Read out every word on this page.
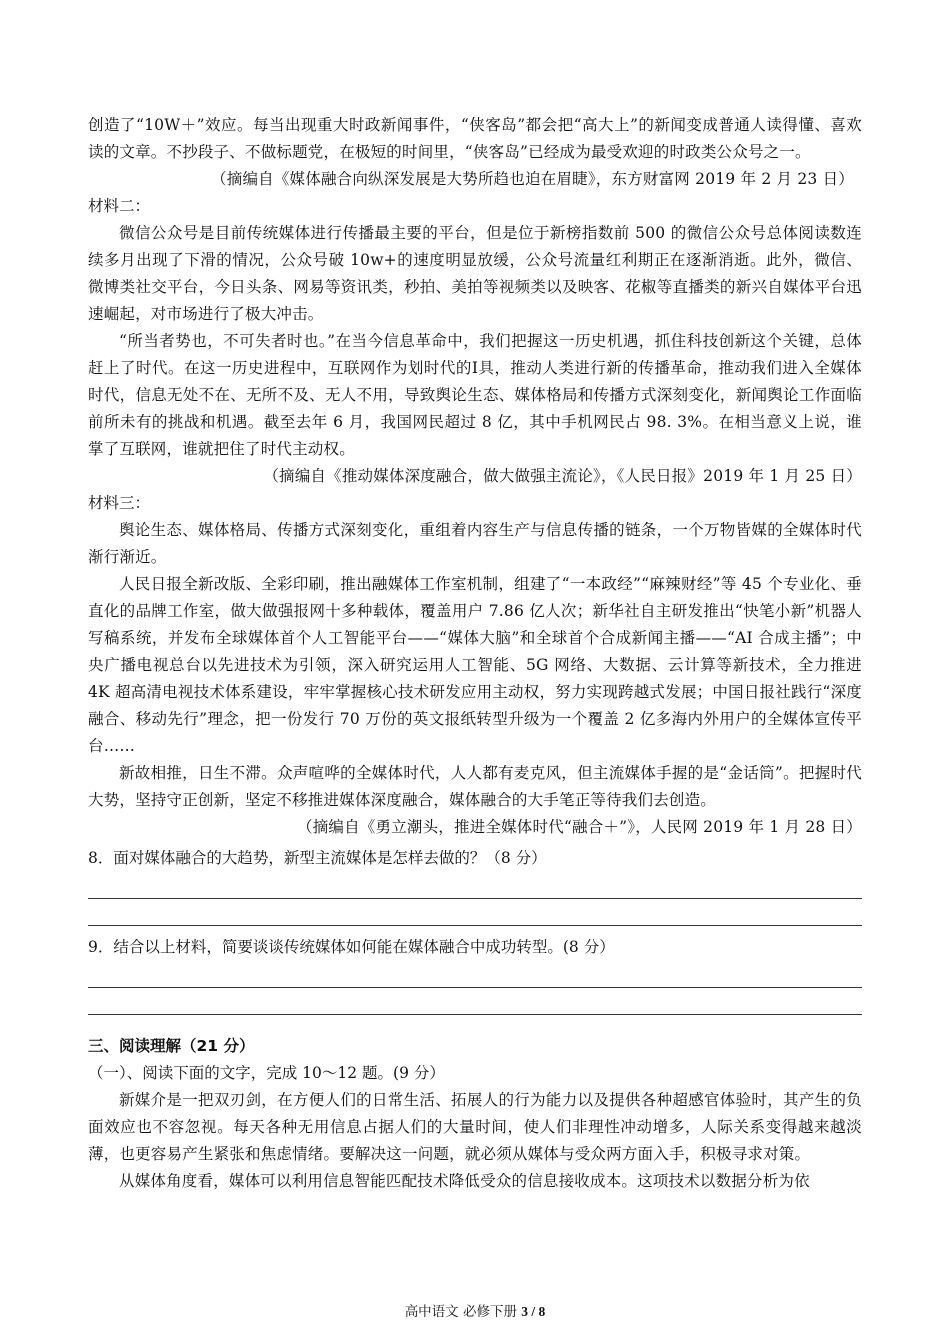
创造了“10W＋”效应。每当出现重大时政新闻事件，“侠客岛”都会把“高大上”的新闻变成普通人读得懂、喜欢读的文章。不抄段子、不做标题党，在极短的时间里，“侠客岛”已经成为最受欢迎的时政类公众号之一。

（摘编自《媒体融合向纵深发展是大势所趋也迫在眉睫》，东方财富网 2019 年 2 月 23 日）

材料二：

微信公众号是目前传统媒体进行传播最主要的平台，但是位于新榜指数前 500 的微信公众号总体阅读数连续多月出现了下滑的情况，公众号破 10w+的速度明显放缓，公众号流量红利期正在逐渐消逝。此外，微信、微博类社交平台，今日头条、网易等资讯类，秒拍、美拍等视频类以及映客、花椒等直播类的新兴自媒体平台迅速崛起，对市场进行了极大冲击。

“所当者势也，不可失者时也。”在当今信息革命中，我们把握这一历史机遇，抓住科技创新这个关键，总体赶上了时代。在这一历史进程中，互联网作为划时代的I具，推动人类进行新的传播革命，推动我们进入全媒体时代，信息无处不在、无所不及、无人不用，导致舆论生态、媒体格局和传播方式深刻变化，新闻舆论工作面临前所未有的挑战和机遇。截至去年 6 月，我国网民超过 8 亿，其中手机网民占 98. 3%。在相当意义上说，谁掌了互联网，谁就把住了时代主动权。

（摘编自《推动媒体深度融合，做大做强主流论》，《人民日报》2019 年 1 月 25 日）

材料三：

舆论生态、媒体格局、传播方式深刻变化，重组着内容生产与信息传播的链条，一个万物皆媒的全媒体时代渐行渐近。

人民日报全新改版、全彩印刷，推出融媒体工作室机制，组建了“一本政经”“麻辣财经”等 45 个专业化、垂直化的品牌工作室，做大做强报网十多种载体，覆盖用户 7.86 亿人次；新华社自主研发推出“快笔小新”机器人写稿系统，并发布全球媒体首个人工智能平台——“媒体大脑”和全球首个合成新闻主播——“AI 合成主播”；中央广播电视总台以先进技术为引领，深入研究运用人工智能、5G 网络、大数据、云计算等新技术，全力推进 4K 超高清电视技术体系建设，牢牢掌握核心技术研发应用主动权，努力实现跨越式发展；中国日报社践行“深度融合、移动先行”理念，把一份发行 70 万份的英文报纸转型升级为一个覆盖 2 亿多海内外用户的全媒体宣传平台……

新故相推，日生不滞。众声喧哗的全媒体时代，人人都有麦克风，但主流媒体手握的是“金话筒”。把握时代大势，坚持守正创新，坚定不移推进媒体深度融合，媒体融合的大手笔正等待我们去创造。

（摘编自《勇立潮头，推进全媒体时代“融合＋”》，人民网 2019 年 1 月 28 日）

8．面对媒体融合的大趋势，新型主流媒体是怎样去做的？（8 分）

9．结合以上材料，简要谈谈传统媒体如何能在媒体融合中成功转型。(8 分）

三、阅读理解（21 分）

（一）、阅读下面的文字，完成 10～12 题。(9 分）

新媒介是一把双刃剑，在方便人们的日常生活、拓展人的行为能力以及提供各种超感官体验时，其产生的负面效应也不容忽视。每天各种无用信息占据人们的大量时间，使人们非理性冲动增多，人际关系变得越来越淡薄，也更容易产生紧张和焦虑情绪。要解决这一问题，就必须从媒体与受众两方面入手，积极寻求对策。

从媒体角度看，媒体可以利用信息智能匹配技术降低受众的信息接收成本。这项技术以数据分析为依

高中语文 必修下册 3 / 8
